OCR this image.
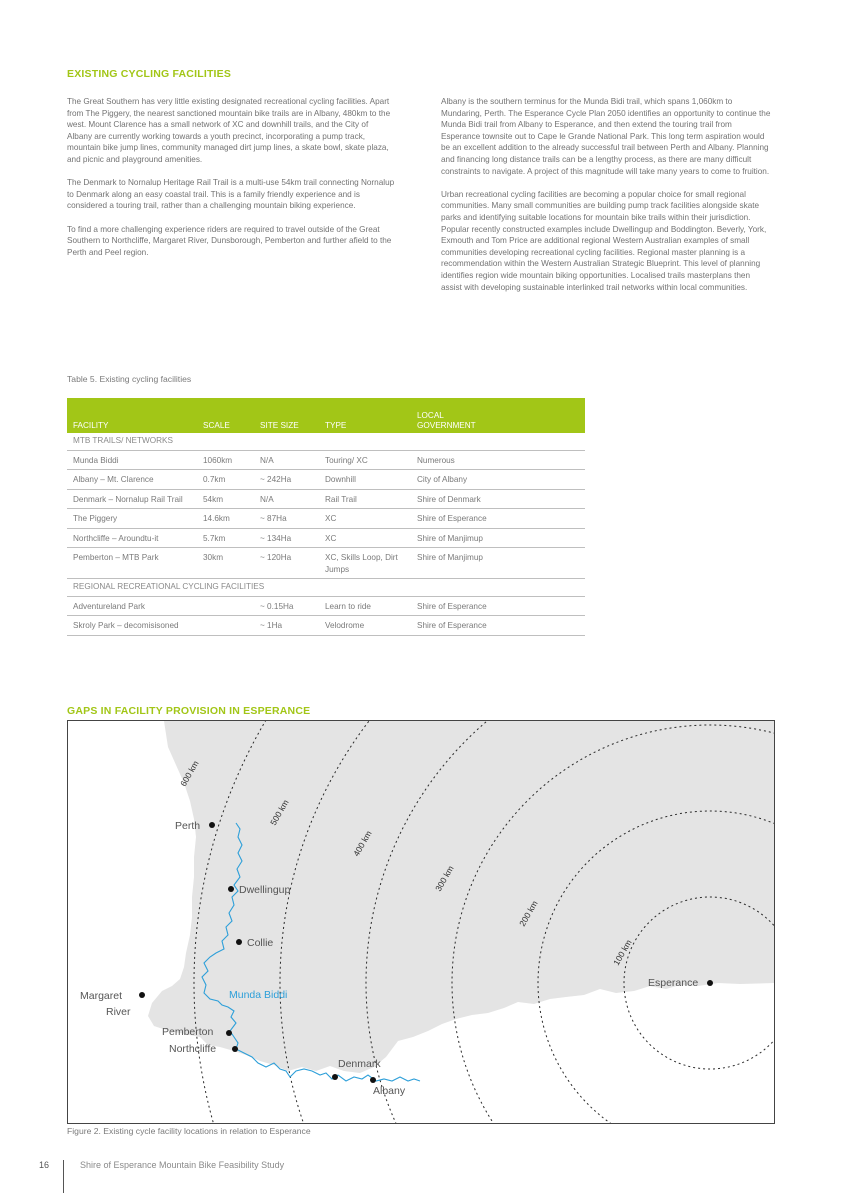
EXISTING CYCLING FACILITIES

The Great Southern has very little existing designated recreational cycling facilities. Apart from The Piggery, the nearest sanctioned mountain bike trails are in Albany, 480km to the west. Mount Clarence has a small network of XC and downhill trails, and the City of Albany are currently working towards a youth precinct, incorporating a pump track, mountain bike jump lines, community managed dirt jump lines, a skate bowl, skate plaza, and picnic and playground amenities.

The Denmark to Nornalup Heritage Rail Trail is a multi-use 54km trail connecting Nornalup to Denmark along an easy coastal trail. This is a family friendly experience and is considered a touring trail, rather than a challenging mountain biking experience.

To find a more challenging experience riders are required to travel outside of the Great Southern to Northcliffe, Margaret River, Dunsborough, Pemberton and further afield to the Perth and Peel region.

Albany is the southern terminus for the Munda Bidi trail, which spans 1,060km to Mundaring, Perth. The Esperance Cycle Plan 2050 identifies an opportunity to continue the Munda Bidi trail from Albany to Esperance, and then extend the touring trail from Esperance townsite out to Cape le Grande National Park. This long term aspiration would be an excellent addition to the already successful trail between Perth and Albany. Planning and financing long distance trails can be a lengthy process, as there are many difficult constraints to navigate. A project of this magnitude will take many years to come to fruition.

Urban recreational cycling facilities are becoming a popular choice for small regional communities. Many small communities are building pump track facilities alongside skate parks and identifying suitable locations for mountain bike trails within their jurisdiction. Popular recently constructed examples include Dwellingup and Boddington. Beverly, York, Exmouth and Tom Price are additional regional Western Australian examples of small communities developing recreational cycling facilities. Regional master planning is a recommendation within the Western Australian Strategic Blueprint. This level of planning identifies region wide mountain biking opportunities. Localised trails masterplans then assist with developing sustainable interlinked trail networks within local communities.

Table 5. Existing cycling facilities
FACILITY	SCALE	SITE SIZE	TYPE	LOCAL
GOVERNMENT
MTB TRAILS/ NETWORKS				
Munda Biddi	1060km	N/A	Touring/ XC	Numerous
Albany – Mt. Clarence	0.7km	~ 242Ha	Downhill	City of Albany
Denmark – Nornalup Rail Trail	54km	N/A	Rail Trail	Shire of Denmark
The Piggery	14.6km	~ 87Ha	XC	Shire of Esperance
Northcliffe – Aroundtu-it	5.7km	~ 134Ha	XC	Shire of Manjimup
Pemberton – MTB Park	30km	~ 120Ha	XC, Skills Loop, Dirt Jumps	Shire of Manjimup
REGIONAL RECREATIONAL CYCLING FACILITIES				
Adventureland Park		~ 0.15Ha	Learn to ride	Shire of Esperance
Skroly Park – decomisisoned		~ 1Ha	Velodrome	Shire of Esperance
GAPS IN FACILITY PROVISION IN ESPERANCE
Perth
Dwellingup
Collie
Margaret
River
Pemberton
Northcliffe
Denmark
Albany
Esperance
Munda Biddi
100 km
200 km
300 km
400 km
500 km
600 km
Figure 2. Existing cycle facility locations in relation to Esperance
16	Shire of Esperance Mountain Bike Feasibility Study
